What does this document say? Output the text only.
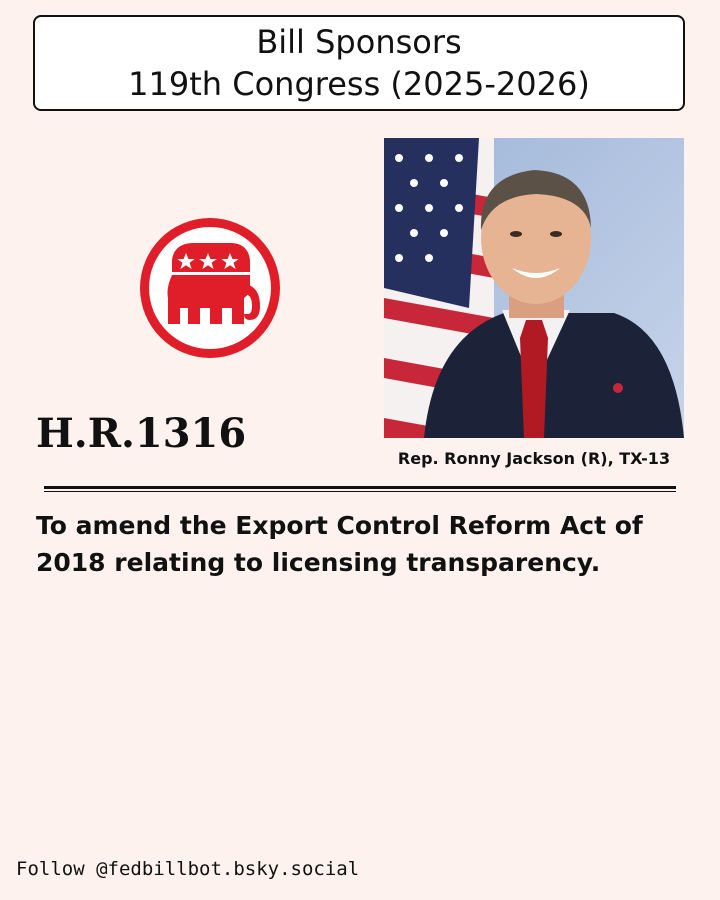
Bill Sponsors
119th Congress (2025-2026)
H.R.1316
Rep. Ronny Jackson (R), TX-13
To amend the Export Control Reform Act of 2018 relating to licensing transparency.
Follow @fedbillbot.bsky.social
